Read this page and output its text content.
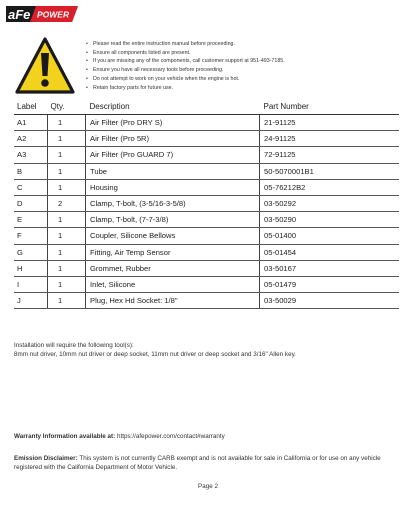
aFe POWER
• Please read the entire instruction manual before proceeding.
• Ensure all components listed are present.
• If you are missing any of the components, call customer support at 951-493-7185.
• Ensure you have all necessary tools before proceeding.
• Do not attempt to work on your vehicle when the engine is hot.
• Retain factory parts for future use.
Label	Qty.	Description		Part Number
A1	1	Air Filter (Pro DRY S)		21-91125
A2	1	Air Filter (Pro 5R)		24-91125
A3	1	Air Filter (Pro GUARD 7)		72-91125
B	1	Tube		50-5070001B1
C	1	Housing		05-76212B2
D	2	Clamp, T-bolt, (3-5/16-3-5/8)		03-50292
E	1	Clamp, T-bolt, (7-7-3/8)		03-50290
F	1	Coupler, Silicone Bellows		05-01400
G	1	Fitting, Air Temp Sensor		05-01454
H	1	Grommet, Rubber		03-50167
I	1	Inlet, Silicone		05-01479
J	1	Plug, Hex Hd Socket: 1/8"		03-50029
Installation will require the following tool(s):
8mm nut driver, 10mm nut driver or deep socket, 11mm nut driver or deep socket and 3/16" Allen key.
Warranty Information available at: https://afepower.com/contact#warranty
Emission Disclaimer: This system is not currently CARB exempt and is not available for sale in California or for use on any vehicle registered with the California Department of Motor Vehicle.
Page 2
